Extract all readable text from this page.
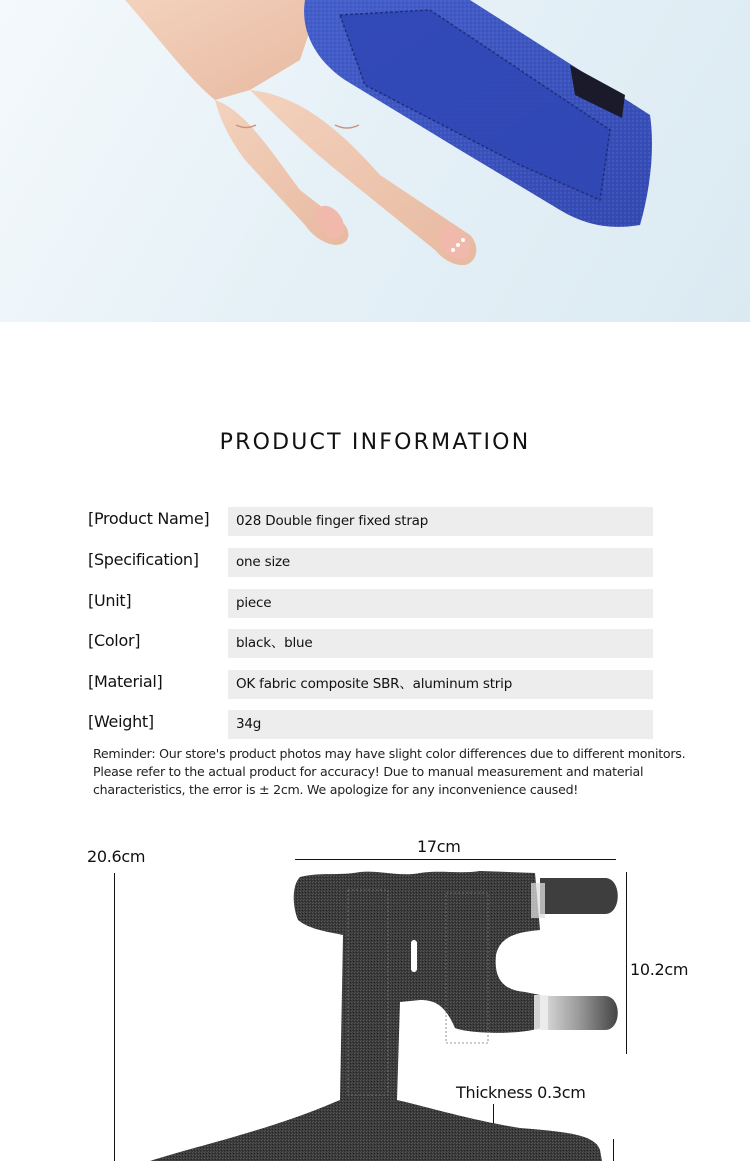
PRODUCT INFORMATION
[Product Name]	028 Double finger fixed strap
[Specification]	one size
[Unit]	piece
[Color]	black、blue
[Material]	OK fabric composite SBR、aluminum strip
[Weight]	34g

Reminder: Our store's product photos may have slight color differences due to different monitors. Please refer to the actual product for accuracy! Due to manual measurement and material characteristics, the error is ± 2cm. We apologize for any inconvenience caused!

20.6cm
17cm
10.2cm
Thickness 0.3cm
